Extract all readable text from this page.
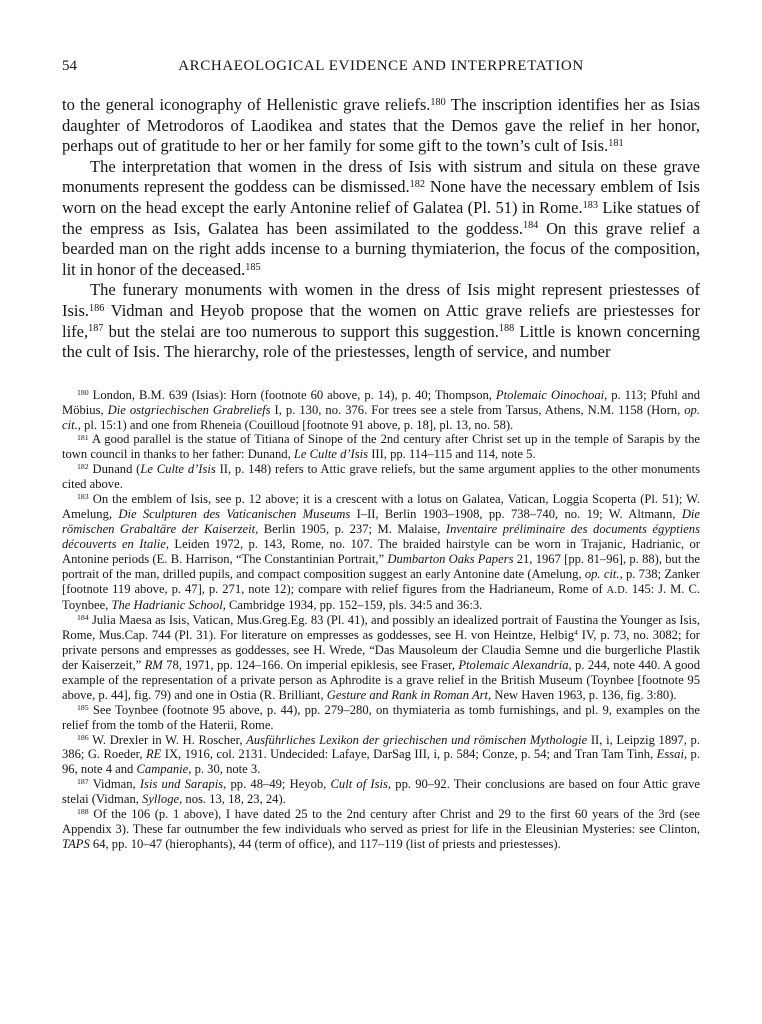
54	ARCHAEOLOGICAL EVIDENCE AND INTERPRETATION

to the general iconography of Hellenistic grave reliefs.$^{180}$ The inscription identifies her as Isias daughter of Metrodoros of Laodikea and states that the Demos gave the relief in her honor, perhaps out of gratitude to her or her family for some gift to the town’s cult of Isis.$^{181}$

The interpretation that women in the dress of Isis with sistrum and situla on these grave monuments represent the goddess can be dismissed.$^{182}$ None have the necessary emblem of Isis worn on the head except the early Antonine relief of Galatea (Pl. 51) in Rome.$^{183}$ Like statues of the empress as Isis, Galatea has been assimilated to the goddess.$^{184}$ On this grave relief a bearded man on the right adds incense to a burning thymiaterion, the focus of the composition, lit in honor of the deceased.$^{185}$

The funerary monuments with women in the dress of Isis might represent priestesses of Isis.$^{186}$ Vidman and Heyob propose that the women on Attic grave reliefs are priestesses for life,$^{187}$ but the stelai are too numerous to support this suggestion.$^{188}$ Little is known concerning the cult of Isis. The hierarchy, role of the priestesses, length of service, and number

$^{180}$ London, B.M. 639 (Isias): Horn (footnote 60 above, p. 14), p. 40; Thompson, Ptolemaic Oinochoai, p. 113; Pfuhl and Möbius, Die ostgriechischen Grabreliefs I, p. 130, no. 376. For trees see a stele from Tarsus, Athens, N.M. 1158 (Horn, op. cit., pl. 15:1) and one from Rheneia (Couilloud [footnote 91 above, p. 18], pl. 13, no. 58).

$^{181}$ A good parallel is the statue of Titiana of Sinope of the 2nd century after Christ set up in the temple of Sarapis by the town council in thanks to her father: Dunand, Le Culte d’Isis III, pp. 114–115 and 114, note 5.

$^{182}$ Dunand (Le Culte d’Isis II, p. 148) refers to Attic grave reliefs, but the same argument applies to the other monuments cited above.

$^{183}$ On the emblem of Isis, see p. 12 above; it is a crescent with a lotus on Galatea, Vatican, Loggia Scoperta (Pl. 51); W. Amelung, Die Sculpturen des Vaticanischen Museums I–II, Berlin 1903–1908, pp. 738–740, no. 19; W. Altmann, Die römischen Grabaltäre der Kaiserzeit, Berlin 1905, p. 237; M. Malaise, Inventaire préliminaire des documents égyptiens découverts en Italie, Leiden 1972, p. 143, Rome, no. 107. The braided hairstyle can be worn in Trajanic, Hadrianic, or Antonine periods (E. B. Harrison, “The Constantinian Portrait,” Dumbarton Oaks Papers 21, 1967 [pp. 81–96], p. 88), but the portrait of the man, drilled pupils, and compact composition suggest an early Antonine date (Amelung, op. cit., p. 738; Zanker [footnote 119 above, p. 47], p. 271, note 12); compare with relief figures from the Hadrianeum, Rome of A.D. 145: J. M. C. Toynbee, The Hadrianic School, Cambridge 1934, pp. 152–159, pls. 34:5 and 36:3.

$^{184}$ Julia Maesa as Isis, Vatican, Mus.Greg.Eg. 83 (Pl. 41), and possibly an idealized portrait of Faustina the Younger as Isis, Rome, Mus.Cap. 744 (Pl. 31). For literature on empresses as goddesses, see H. von Heintze, Helbig$^4$ IV, p. 73, no. 3082; for private persons and empresses as goddesses, see H. Wrede, “Das Mausoleum der Claudia Semne und die burgerliche Plastik der Kaiserzeit,” RM 78, 1971, pp. 124–166. On imperial epiklesis, see Fraser, Ptolemaic Alexandria, p. 244, note 440. A good example of the representation of a private person as Aphrodite is a grave relief in the British Museum (Toynbee [footnote 95 above, p. 44], fig. 79) and one in Ostia (R. Brilliant, Gesture and Rank in Roman Art, New Haven 1963, p. 136, fig. 3:80).

$^{185}$ See Toynbee (footnote 95 above, p. 44), pp. 279–280, on thymiateria as tomb furnishings, and pl. 9, examples on the relief from the tomb of the Haterii, Rome.

$^{186}$ W. Drexler in W. H. Roscher, Ausführliches Lexikon der griechischen und römischen Mythologie II, i, Leipzig 1897, p. 386; G. Roeder, RE IX, 1916, col. 2131. Undecided: Lafaye, DarSag III, i, p. 584; Conze, p. 54; and Tran Tam Tinh, Essai, p. 96, note 4 and Campanie, p. 30, note 3.

$^{187}$ Vidman, Isis und Sarapis, pp. 48–49; Heyob, Cult of Isis, pp. 90–92. Their conclusions are based on four Attic grave stelai (Vidman, Sylloge, nos. 13, 18, 23, 24).

$^{188}$ Of the 106 (p. 1 above), I have dated 25 to the 2nd century after Christ and 29 to the first 60 years of the 3rd (see Appendix 3). These far outnumber the few individuals who served as priest for life in the Eleusinian Mysteries: see Clinton, TAPS 64, pp. 10–47 (hierophants), 44 (term of office), and 117–119 (list of priests and priestesses).
